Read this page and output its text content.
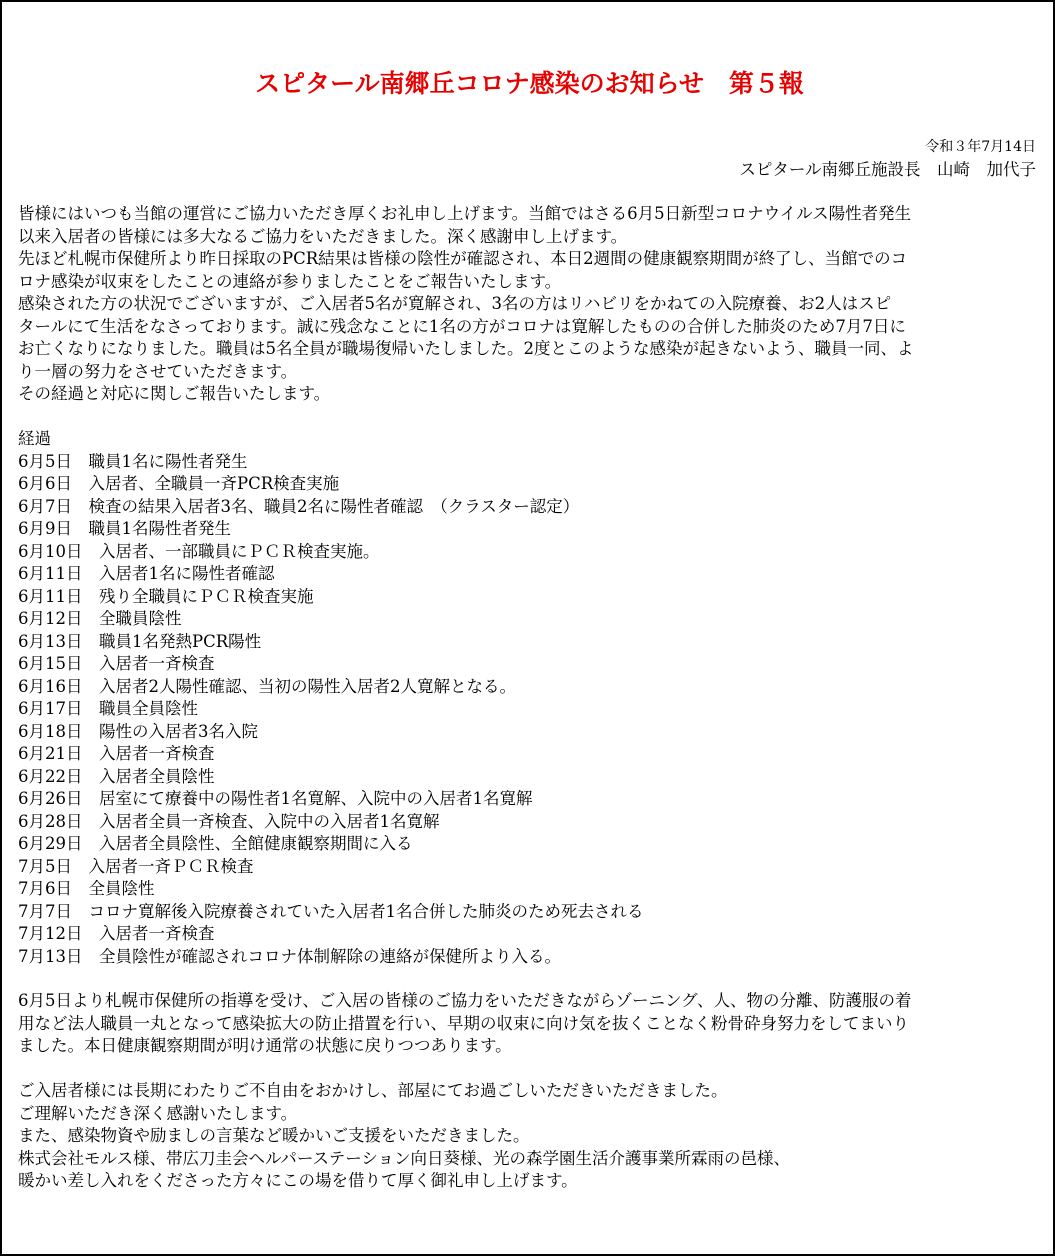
スピタール南郷丘コロナ感染のお知らせ　第５報
令和３年7月14日
スピタール南郷丘施設長　山崎　加代子
皆様にはいつも当館の運営にご協力いただき厚くお礼申し上げます。当館ではさる6月5日新型コロナウイルス陽性者発生
以来入居者の皆様には多大なるご協力をいただきました。深く感謝申し上げます。
先ほど札幌市保健所より昨日採取のPCR結果は皆様の陰性が確認され、本日2週間の健康観察期間が終了し、当館でのコ
ロナ感染が収束をしたことの連絡が参りましたことをご報告いたします。
感染された方の状況でございますが、ご入居者5名が寛解され、3名の方はリハビリをかねての入院療養、お2人はスピ
タールにて生活をなさっております。誠に残念なことに1名の方がコロナは寛解したものの合併した肺炎のため7月7日に
お亡くなりになりました。職員は5名全員が職場復帰いたしました。2度とこのような感染が起きないよう、職員一同、よ
り一層の努力をさせていただきます。
その経過と対応に関しご報告いたします。
経過
6月5日　職員1名に陽性者発生
6月6日　入居者、全職員一斉PCR検査実施
6月7日　検査の結果入居者3名、職員2名に陽性者確認　（クラスター認定）
6月9日　職員1名陽性者発生
6月10日　入居者、一部職員にＰＣＲ検査実施。
6月11日　入居者1名に陽性者確認
6月11日　残り全職員にＰＣＲ検査実施
6月12日　全職員陰性
6月13日　職員1名発熱PCR陽性
6月15日　入居者一斉検査
6月16日　入居者2人陽性確認、当初の陽性入居者2人寛解となる。
6月17日　職員全員陰性
6月18日　陽性の入居者3名入院
6月21日　入居者一斉検査
6月22日　入居者全員陰性
6月26日　居室にて療養中の陽性者1名寛解、入院中の入居者1名寛解
6月28日　入居者全員一斉検査、入院中の入居者1名寛解
6月29日　入居者全員陰性、全館健康観察期間に入る
7月5日　入居者一斉ＰＣＲ検査
7月6日　全員陰性
7月7日　コロナ寛解後入院療養されていた入居者1名合併した肺炎のため死去される
7月12日　入居者一斉検査
7月13日　全員陰性が確認されコロナ体制解除の連絡が保健所より入る。
6月5日より札幌市保健所の指導を受け、ご入居の皆様のご協力をいただきながらゾーニング、人、物の分離、防護服の着
用など法人職員一丸となって感染拡大の防止措置を行い、早期の収束に向け気を抜くことなく粉骨砕身努力をしてまいり
ました。本日健康観察期間が明け通常の状態に戻りつつあります。
ご入居者様には長期にわたりご不自由をおかけし、部屋にてお過ごしいただきいただきました。
ご理解いただき深く感謝いたします。
また、感染物資や励ましの言葉など暖かいご支援をいただきました。
株式会社モルス様、帯広刀圭会ヘルパーステーション向日葵様、光の森学園生活介護事業所霖雨の邑様、
暖かい差し入れをくださった方々にこの場を借りて厚く御礼申し上げます。
